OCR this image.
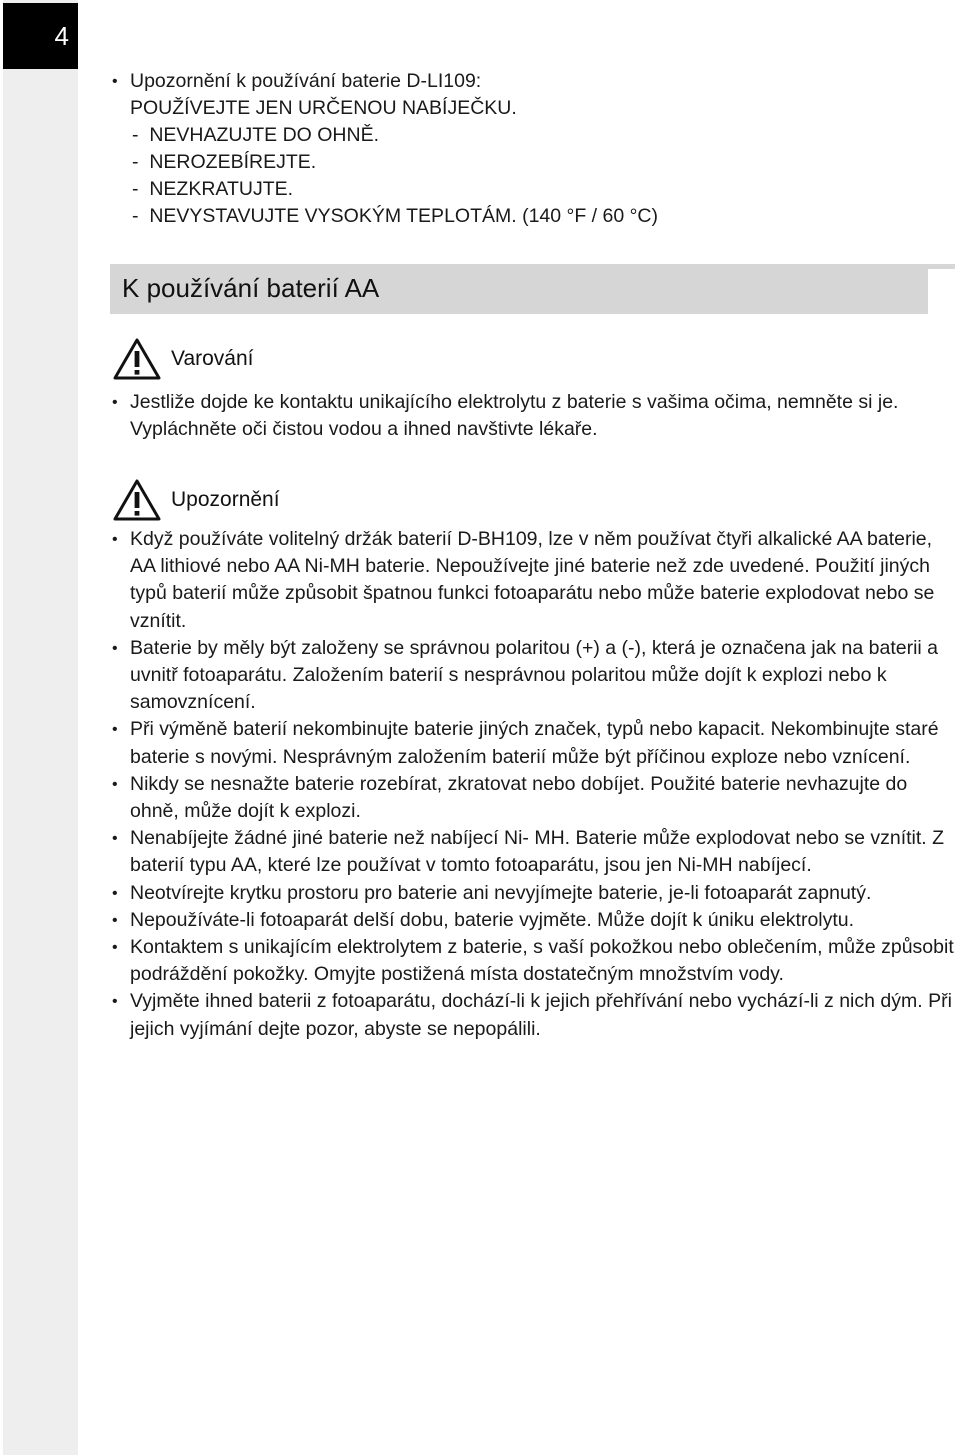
4
• Upozornění k používání baterie D-LI109:
POUŽÍVEJTE JEN URČENOU NABÍJEČKU.
-  NEVHAZUJTE DO OHNĚ.
-  NEROZEBÍREJTE.
-  NEZKRATUJTE.
-  NEVYSTAVUJTE VYSOKÝM TEPLOTÁM. (140 °F / 60 °C)
K používání baterií AA
Varování
• Jestliže dojde ke kontaktu unikajícího elektrolytu z baterie s vašima očima, nemněte si je. Vypláchněte oči čistou vodou a ihned navštivte lékaře.
Upozornění
• Když používáte volitelný držák baterií D-BH109, lze v něm používat čtyři alkalické AA baterie, AA lithiové nebo AA Ni-MH baterie. Nepoužívejte jiné baterie než zde uvedené. Použití jiných typů baterií může způsobit špatnou funkci fotoaparátu nebo může baterie explodovat nebo se vznítit.
• Baterie by měly být založeny se správnou polaritou (+) a (-), která je označena jak na baterii a uvnitř fotoaparátu. Založením baterií s nesprávnou polaritou může dojít k explozi nebo k samovznícení.
• Při výměně baterií nekombinujte baterie jiných značek, typů nebo kapacit. Nekombinujte staré baterie s novými. Nesprávným založením baterií může být příčinou exploze nebo vznícení.
• Nikdy se nesnažte baterie rozebírat, zkratovat nebo dobíjet. Použité baterie nevhazujte do ohně, může dojít k explozi.
• Nenabíjejte žádné jiné baterie než nabíjecí Ni- MH. Baterie může explodovat nebo se vznítit. Z baterií typu AA, které lze používat v tomto fotoaparátu, jsou jen Ni-MH nabíjecí.
• Neotvírejte krytku prostoru pro baterie ani nevyjímejte baterie, je-li fotoaparát zapnutý.
• Nepoužíváte-li fotoaparát delší dobu, baterie vyjměte. Může dojít k úniku elektrolytu.
• Kontaktem s unikajícím elektrolytem z baterie, s vaší pokožkou nebo oblečením, může způsobit podráždění pokožky. Omyjte postižená místa dostatečným množstvím vody.
• Vyjměte ihned baterii z fotoaparátu, dochází-li k jejich přehřívání nebo vychází-li z nich dým. Při jejich vyjímání dejte pozor, abyste se nepopálili.
